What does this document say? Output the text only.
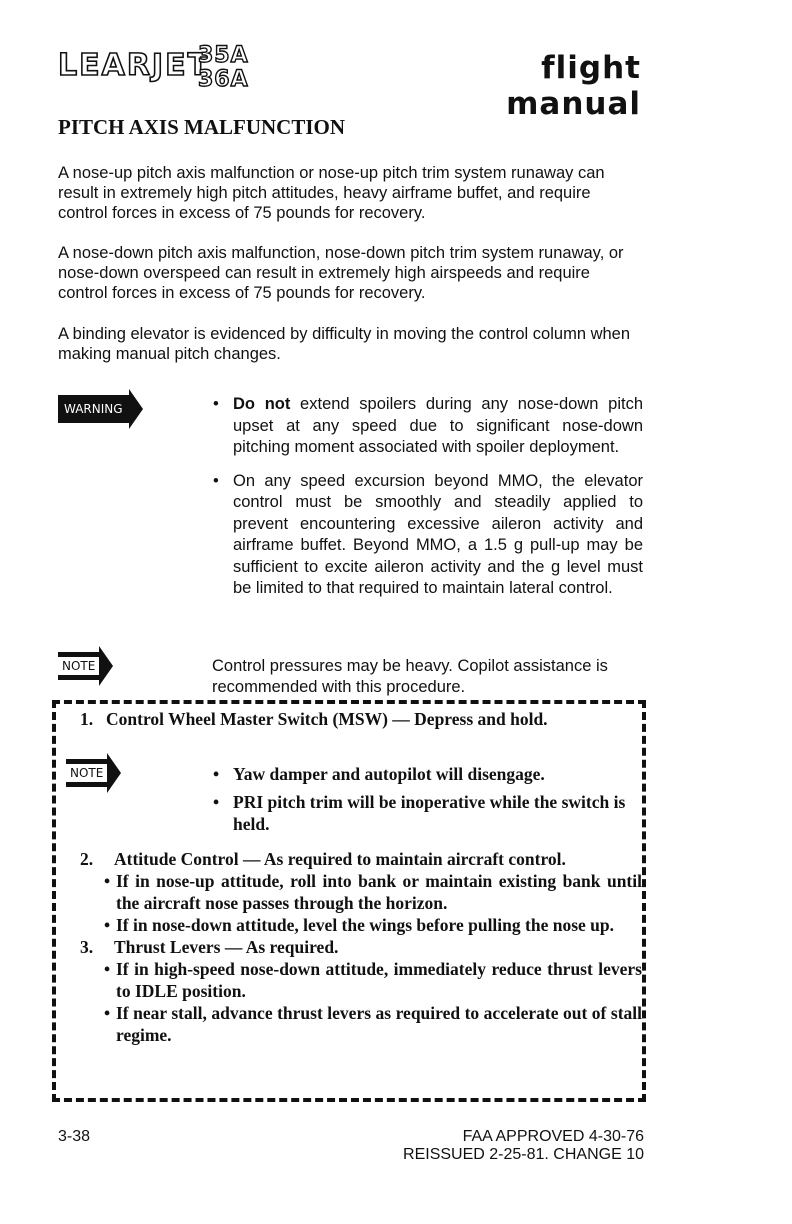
LEARJET
35A
36A	flight manual
PITCH AXIS MALFUNCTION
A nose-up pitch axis malfunction or nose-up pitch trim system runaway can result in extremely high pitch attitudes, heavy airframe buffet, and require control forces in excess of 75 pounds for recovery.
A nose-down pitch axis malfunction, nose-down pitch trim system runaway, or nose-down overspeed can result in extremely high airspeeds and require control forces in excess of 75 pounds for recovery.
A binding elevator is evidenced by difficulty in moving the control column when making manual pitch changes.
WARNING	• Do not extend spoilers during any nose-down pitch upset at any speed due to significant nose-down pitching moment associated with spoiler deployment.
• On any speed excursion beyond MMO, the elevator control must be smoothly and steadily applied to prevent encountering excessive aileron activity and airframe buffet. Beyond MMO, a 1.5 g pull-up may be sufficient to excite aileron activity and the g level must be limited to that required to maintain lateral control.
NOTE	Control pressures may be heavy. Copilot assistance is recommended with this procedure.
1. Control Wheel Master Switch (MSW) — Depress and hold.
NOTE	• Yaw damper and autopilot will disengage.
• PRI pitch trim will be inoperative while the switch is held.
2. Attitude Control — As required to maintain aircraft control.
• If in nose-up attitude, roll into bank or maintain existing bank until the aircraft nose passes through the horizon.
• If in nose-down attitude, level the wings before pulling the nose up.
3. Thrust Levers — As required.
• If in high-speed nose-down attitude, immediately reduce thrust levers to IDLE position.
• If near stall, advance thrust levers as required to accelerate out of stall regime.
3-38	FAA APPROVED 4-30-76
REISSUED 2-25-81. CHANGE 10
